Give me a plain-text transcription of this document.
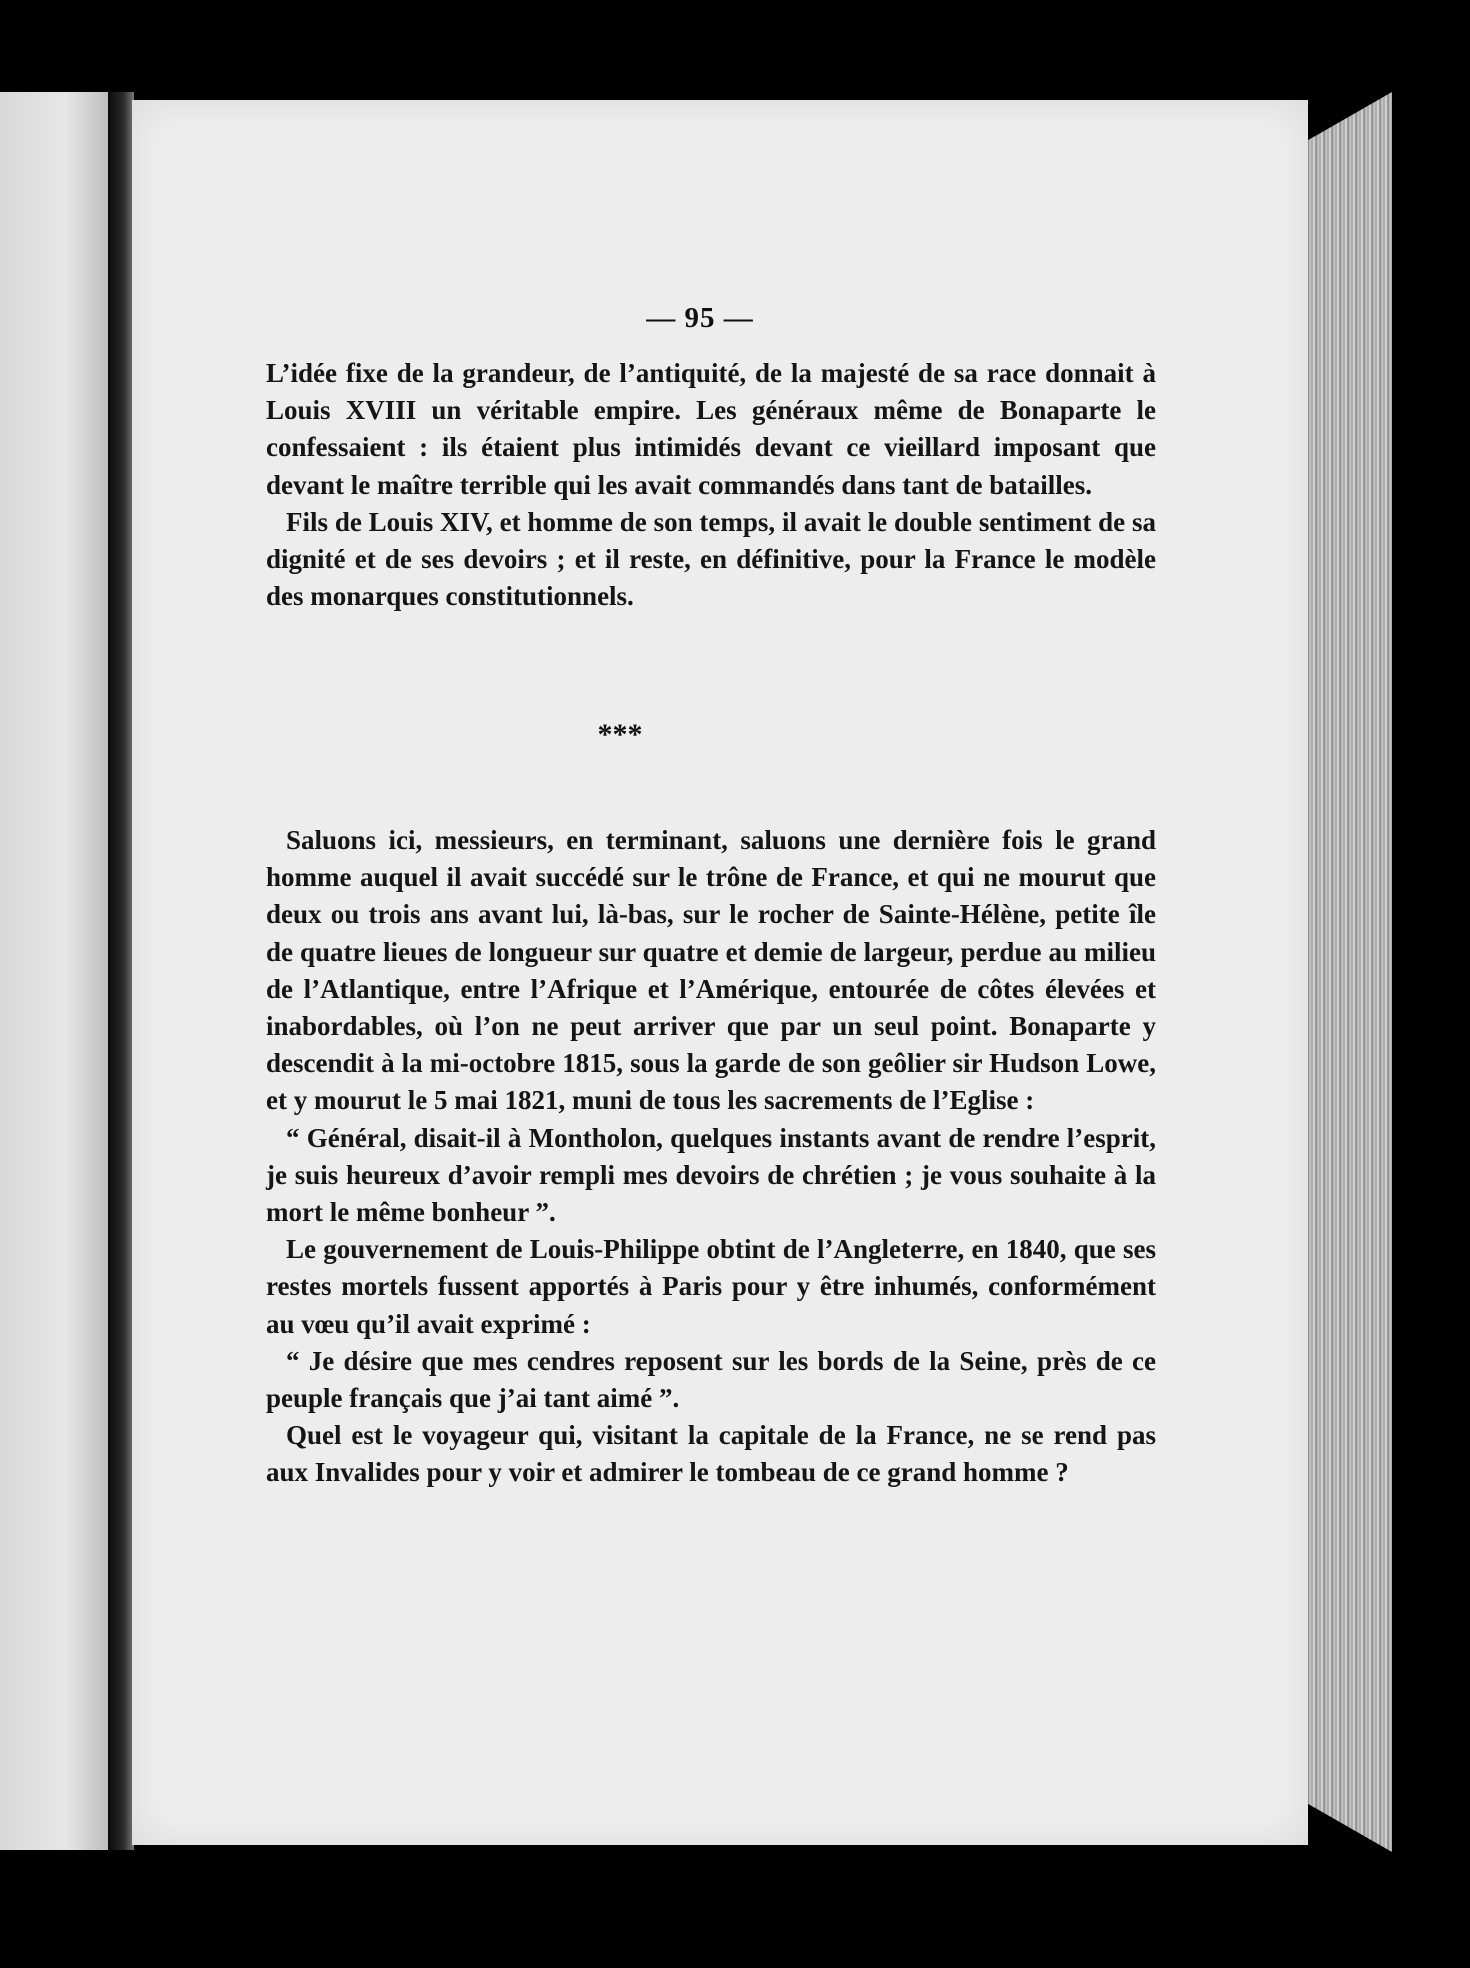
— 95 —

L’idée fixe de la grandeur, de l’antiquité, de la majesté de sa race donnait à Louis XVIII un véritable empire. Les généraux même de Bonaparte le confessaient : ils étaient plus intimidés devant ce vieillard imposant que devant le maître terrible qui les avait commandés dans tant de batailles.

Fils de Louis XIV, et homme de son temps, il avait le double sentiment de sa dignité et de ses devoirs ; et il reste, en définitive, pour la France le modèle des monarques constitutionnels.

***

Saluons ici, messieurs, en terminant, saluons une dernière fois le grand homme auquel il avait succédé sur le trône de France, et qui ne mourut que deux ou trois ans avant lui, là-bas, sur le rocher de Sainte-Hélène, petite île de quatre lieues de longueur sur quatre et demie de largeur, perdue au milieu de l’Atlantique, entre l’Afrique et l’Amérique, entourée de côtes élevées et inabordables, où l’on ne peut arriver que par un seul point. Bonaparte y descendit à la mi-octobre 1815, sous la garde de son geôlier sir Hudson Lowe, et y mourut le 5 mai 1821, muni de tous les sacrements de l’Eglise :

“ Général, disait-il à Montholon, quelques instants avant de rendre l’esprit, je suis heureux d’avoir rempli mes devoirs de chrétien ; je vous souhaite à la mort le même bonheur ”.

Le gouvernement de Louis-Philippe obtint de l’Angleterre, en 1840, que ses restes mortels fussent apportés à Paris pour y être inhumés, conformément au vœu qu’il avait exprimé :

“ Je désire que mes cendres reposent sur les bords de la Seine, près de ce peuple français que j’ai tant aimé ”.

Quel est le voyageur qui, visitant la capitale de la France, ne se rend pas aux Invalides pour y voir et admirer le tombeau de ce grand homme ?
